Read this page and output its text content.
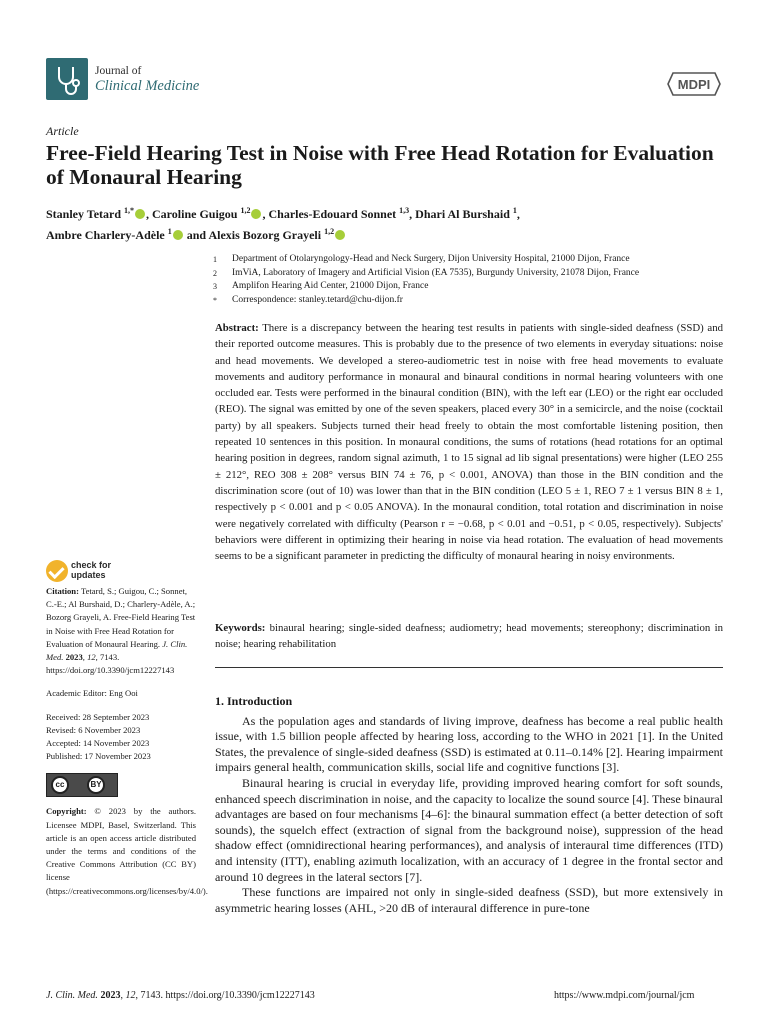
Journal of
Clinical Medicine	MDPI
Article
Free-Field Hearing Test in Noise with Free Head Rotation for Evaluation of Monaural Hearing
Stanley Tetard $^{1,*}$ , Caroline Guigou $^{1,2}$ , Charles-Edouard Sonnet $^{1,3}$, Dhari Al Burshaid $^1$,
Ambre Charlery-Adèle $^1$ and Alexis Bozorg Grayeli $^{1,2}$
1 Department of Otolaryngology-Head and Neck Surgery, Dijon University Hospital, 21000 Dijon, France
2 ImViA, Laboratory of Imagery and Artificial Vision (EA 7535), Burgundy University, 21078 Dijon, France
3 Amplifon Hearing Aid Center, 21000 Dijon, France
* Correspondence: stanley.tetard@chu-dijon.fr
Abstract: There is a discrepancy between the hearing test results in patients with single-sided deafness (SSD) and their reported outcome measures. This is probably due to the presence of two elements in everyday situations: noise and head movements. We developed a stereo-audiometric test in noise with free head movements to evaluate movements and auditory performance in monaural and binaural conditions in normal hearing volunteers with one occluded ear. Tests were performed in the binaural condition (BIN), with the left ear (LEO) or the right ear occluded (REO). The signal was emitted by one of the seven speakers, placed every 30° in a semicircle, and the noise (cocktail party) by all speakers. Subjects turned their head freely to obtain the most comfortable listening position, then repeated 10 sentences in this position. In monaural conditions, the sums of rotations (head rotations for an optimal hearing position in degrees, random signal azimuth, 1 to 15 signal ad lib signal presentations) were higher (LEO 255 ± 212°, REO 308 ± 208° versus BIN 74 ± 76, p < 0.001, ANOVA) than those in the BIN condition and the discrimination score (out of 10) was lower than that in the BIN condition (LEO 5 ± 1, REO 7 ± 1 versus BIN 8 ± 1, respectively p < 0.001 and p < 0.05 ANOVA). In the monaural condition, total rotation and discrimination in noise were negatively correlated with difficulty (Pearson r = −0.68, p < 0.01 and −0.51, p < 0.05, respectively). Subjects' behaviors were different in optimizing their hearing in noise via head rotation. The evaluation of head movements seems to be a significant parameter in predicting the difficulty of monaural hearing in noisy environments.
Keywords: binaural hearing; single-sided deafness; audiometry; head movements; stereophony; discrimination in noise; hearing rehabilitation
1. Introduction

As the population ages and standards of living improve, deafness has become a real public health issue, with 1.5 billion people affected by hearing loss, according to the WHO in 2021 [1]. In the United States, the prevalence of single-sided deafness (SSD) is estimated at 0.11–0.14% [2]. Hearing impairment impairs general health, communication skills, social life and cognitive functions [3].

Binaural hearing is crucial in everyday life, providing improved hearing comfort for soft sounds, enhanced speech discrimination in noise, and the capacity to localize the sound source [4]. These binaural advantages are based on four mechanisms [4–6]: the binaural summation effect (a better detection of soft sounds), the squelch effect (extraction of signal from the background noise), suppression of the head shadow effect (omnidirectional hearing performances), and analysis of interaural time differences (ITD) and intensity (ITT), enabling azimuth localization, with an accuracy of 1 degree in the frontal sector and around 10 degrees in the lateral sectors [7].

These functions are impaired not only in single-sided deafness (SSD), but more extensively in asymmetric hearing losses (AHL, >20 dB of interaural difference in pure-tone

check for
updates
Citation: Tetard, S.; Guigou, C.; Sonnet, C.-E.; Al Burshaid, D.; Charlery-Adèle, A.; Bozorg Grayeli, A. Free-Field Hearing Test in Noise with Free Head Rotation for Evaluation of Monaural Hearing. J. Clin. Med. 2023, 12, 7143. https://doi.org/10.3390/jcm12227143
Academic Editor: Eng Ooi
Received: 28 September 2023
Revised: 6 November 2023
Accepted: 14 November 2023
Published: 17 November 2023
cc	BY
Copyright: © 2023 by the authors. Licensee MDPI, Basel, Switzerland. This article is an open access article distributed under the terms and conditions of the Creative Commons Attribution (CC BY) license (https://creativecommons.org/licenses/by/4.0/).
J. Clin. Med. 2023, 12, 7143. https://doi.org/10.3390/jcm12227143	https://www.mdpi.com/journal/jcm
